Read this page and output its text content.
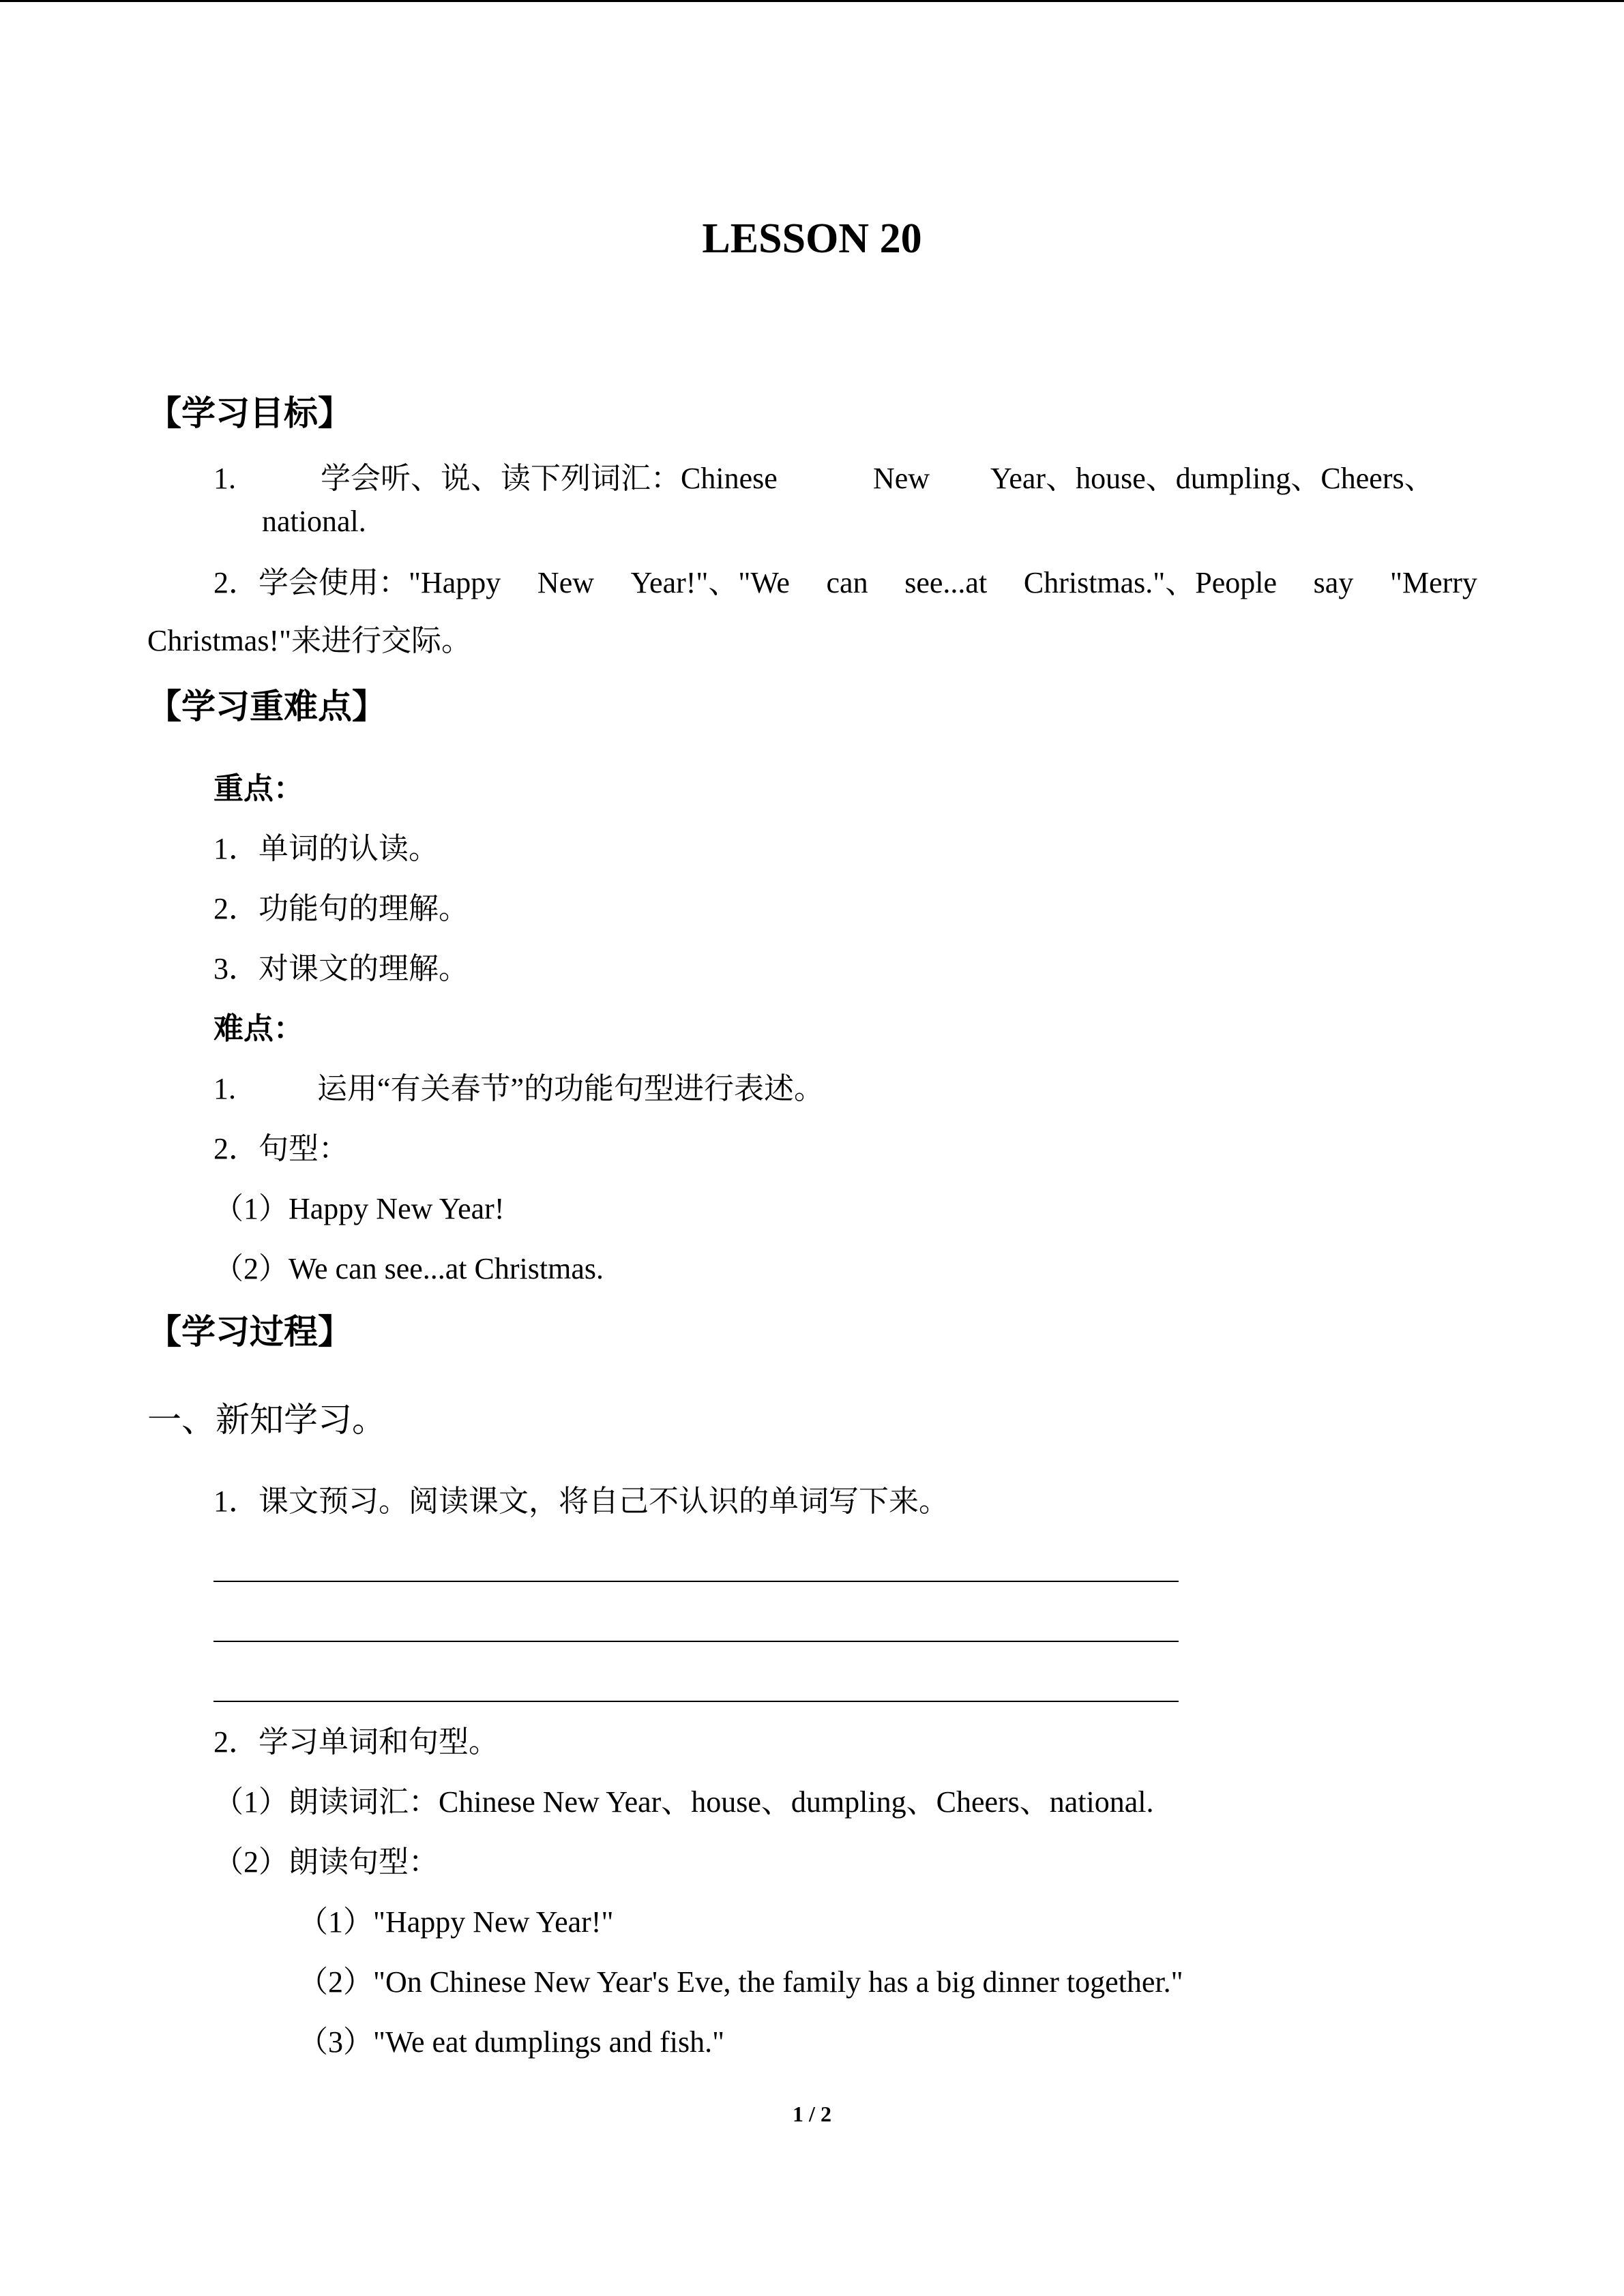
LESSON 20
【学习目标】
1.	学会听、说、读下列词汇：Chinese	New Year、house、dumpling、Cheers、
national.
2．学会使用："Happy New Year!"、"We can see...at Christmas."、People say "Merry
Christmas!"来进行交际。
【学习重难点】
重点：
1．单词的认读。
2．功能句的理解。
3．对课文的理解。
难点：
1.	运用“有关春节”的功能句型进行表述。
2．句型：
（1）Happy New Year!
（2）We can see...at Christmas.
【学习过程】
一、新知学习。
1．课文预习。阅读课文，将自己不认识的单词写下来。
2．学习单词和句型。
（1）朗读词汇：Chinese New Year、house、dumpling、Cheers、national.
（2）朗读句型：
（1）"Happy New Year!"
（2）"On Chinese New Year's Eve, the family has a big dinner together."
（3）"We eat dumplings and fish."
1 / 2
